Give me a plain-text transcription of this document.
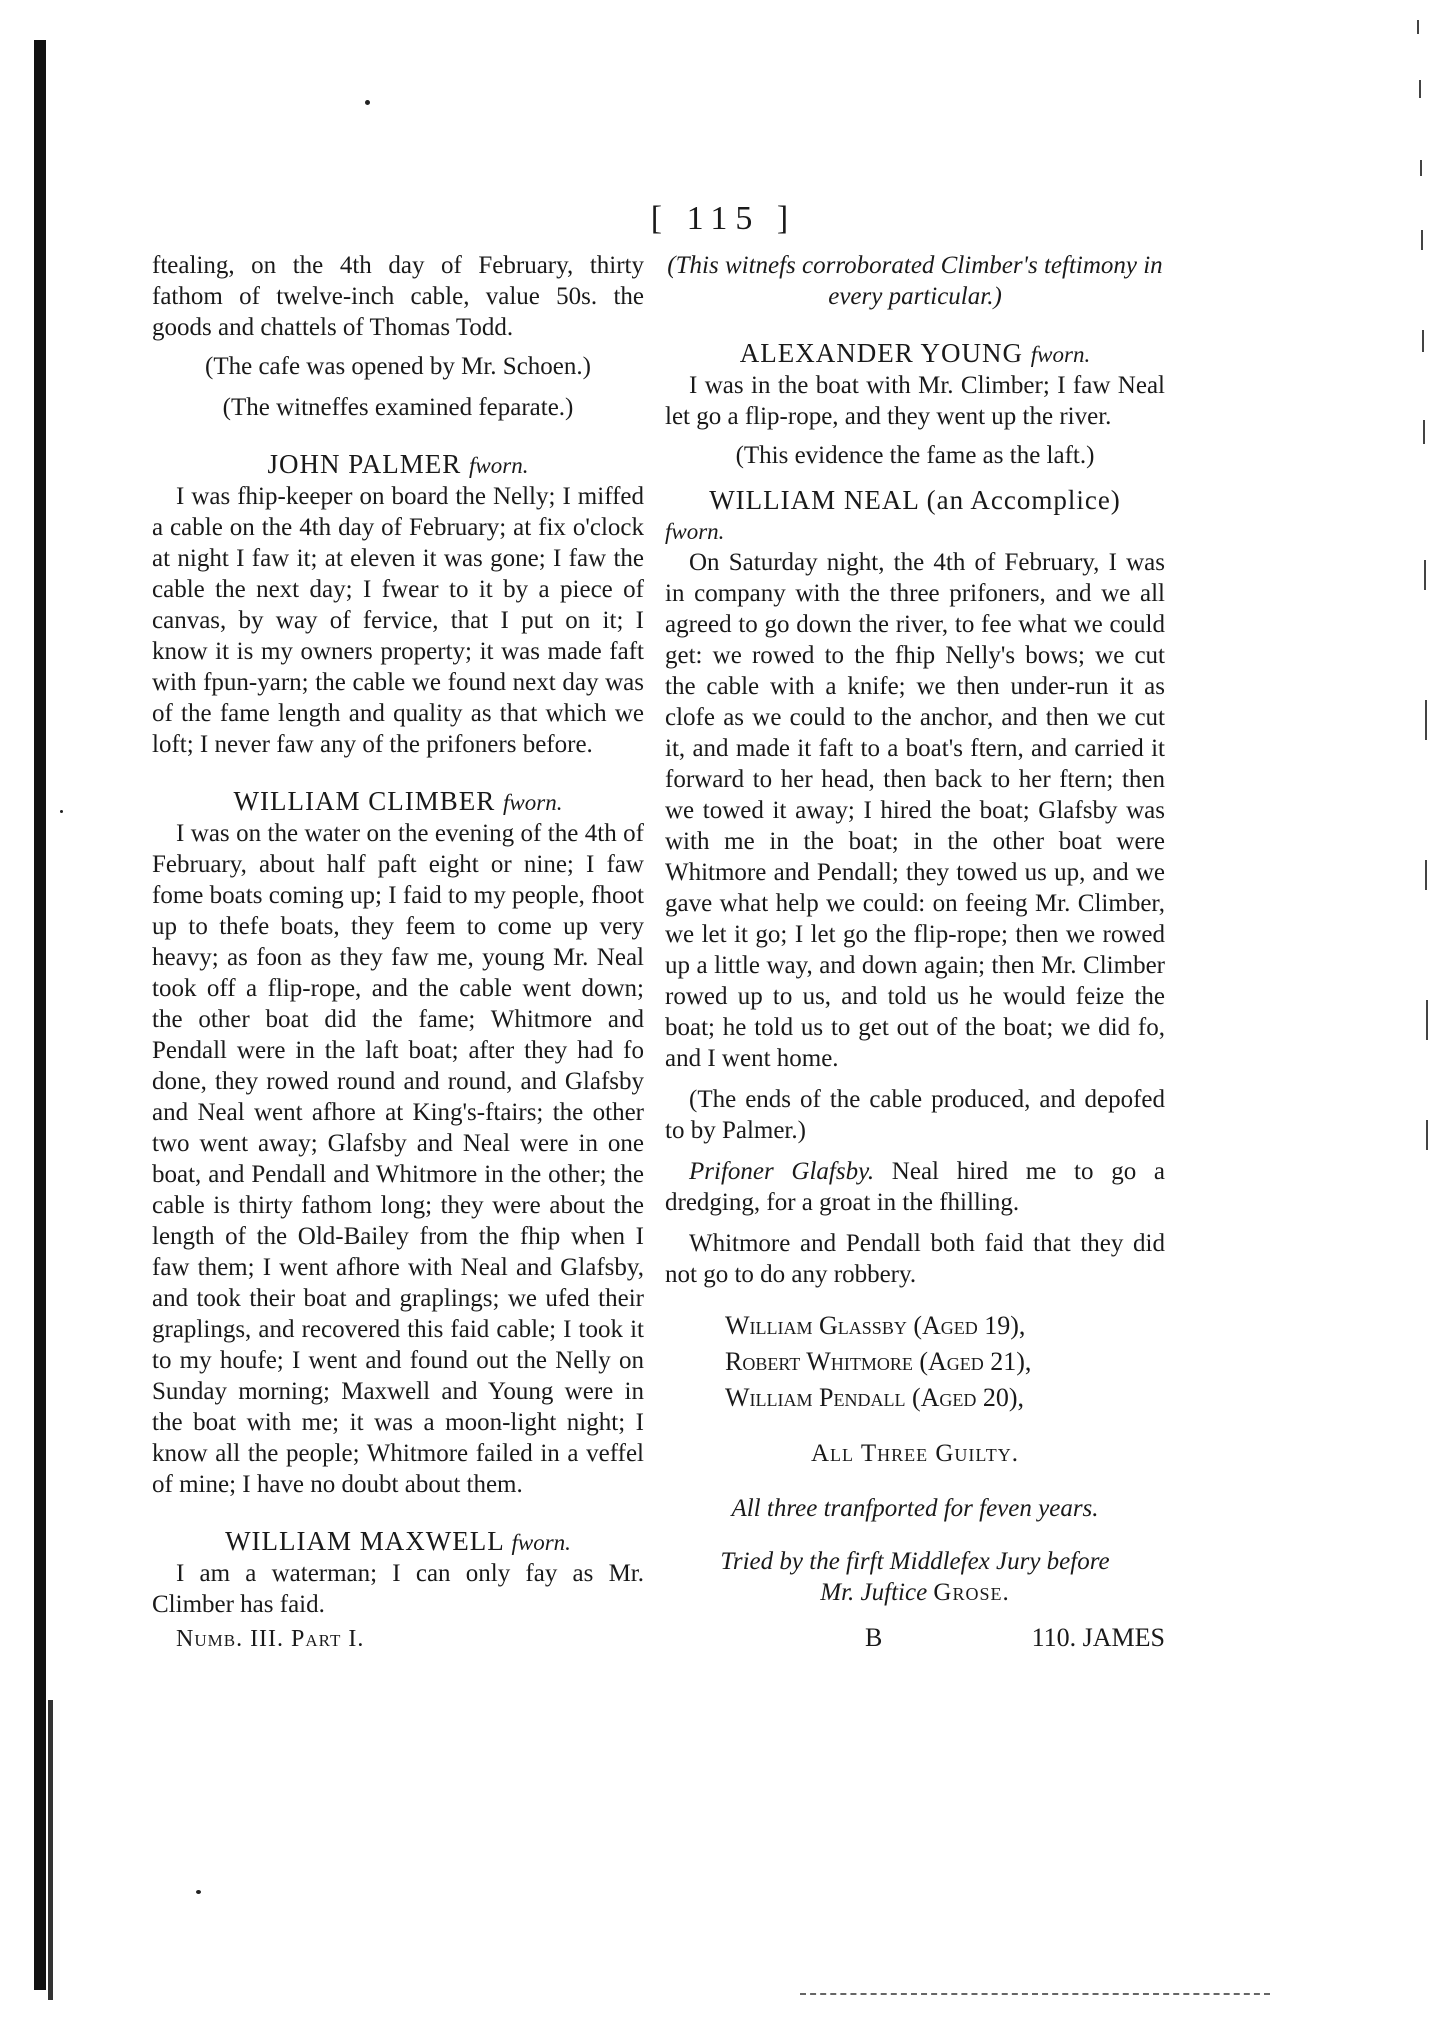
[ 115 ]

ftealing, on the 4th day of February, thirty fathom of twelve-inch cable, value 50s. the goods and chattels of Thomas Todd.

(The cafe was opened by Mr. Schoen.)

(The witneffes examined feparate.)

JOHN PALMER fworn.

I was fhip-keeper on board the Nelly; I miffed a cable on the 4th day of February; at fix o'clock at night I faw it; at eleven it was gone; I faw the cable the next day; I fwear to it by a piece of canvas, by way of fervice, that I put on it; I know it is my owners property; it was made faft with fpun-yarn; the cable we found next day was of the fame length and quality as that which we loft; I never faw any of the prifoners before.

WILLIAM CLIMBER fworn.

I was on the water on the evening of the 4th of February, about half paft eight or nine; I faw fome boats coming up; I faid to my people, fhoot up to thefe boats, they feem to come up very heavy; as foon as they faw me, young Mr. Neal took off a flip-rope, and the cable went down; the other boat did the fame; Whitmore and Pendall were in the laft boat; after they had fo done, they rowed round and round, and Glafsby and Neal went afhore at King's-ftairs; the other two went away; Glafsby and Neal were in one boat, and Pendall and Whitmore in the other; the cable is thirty fathom long; they were about the length of the Old-Bailey from the fhip when I faw them; I went afhore with Neal and Glafsby, and took their boat and graplings; we ufed their graplings, and recovered this faid cable; I took it to my houfe; I went and found out the Nelly on Sunday morning; Maxwell and Young were in the boat with me; it was a moon-light night; I know all the people; Whitmore failed in a veffel of mine; I have no doubt about them.

WILLIAM MAXWELL fworn.

I am a waterman; I can only fay as Mr. Climber has faid.

Numb. III. Part I.

(This witnefs corroborated Climber's teftimony in every particular.)

ALEXANDER YOUNG fworn.

I was in the boat with Mr. Climber; I faw Neal let go a flip-rope, and they went up the river.

(This evidence the fame as the laft.)

WILLIAM NEAL (an Accomplice)

fworn.

On Saturday night, the 4th of February, I was in company with the three prifoners, and we all agreed to go down the river, to fee what we could get: we rowed to the fhip Nelly's bows; we cut the cable with a knife; we then under-run it as clofe as we could to the anchor, and then we cut it, and made it faft to a boat's ftern, and carried it forward to her head, then back to her ftern; then we towed it away; I hired the boat; Glafsby was with me in the boat; in the other boat were Whitmore and Pendall; they towed us up, and we gave what help we could: on feeing Mr. Climber, we let it go; I let go the flip-rope; then we rowed up a little way, and down again; then Mr. Climber rowed up to us, and told us he would feize the boat; he told us to get out of the boat; we did fo, and I went home.

(The ends of the cable produced, and depofed to by Palmer.)

Prifoner Glafsby. Neal hired me to go a dredging, for a groat in the fhilling.

Whitmore and Pendall both faid that they did not go to do any robbery.

William Glassby (Aged 19),
Robert Whitmore (Aged 21),
William Pendall (Aged 20),

All Three Guilty.

All three tranfported for feven years.

Tried by the firft Middlefex Jury before

Mr. Juftice Grose.

B	110. JAMES
